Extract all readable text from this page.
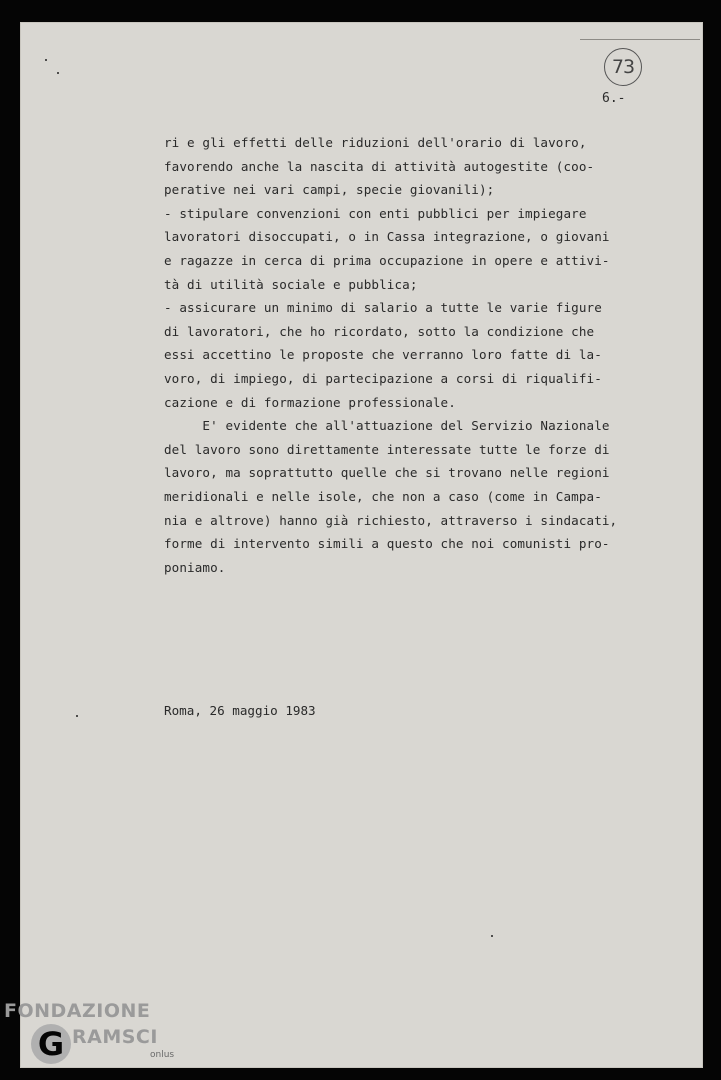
73
6.-
ri e gli effetti delle riduzioni dell'orario di lavoro,
favorendo anche la nascita di attività autogestite (coo-
perative nei vari campi, specie giovanili);
- stipulare convenzioni con enti pubblici per impiegare
lavoratori disoccupati, o in Cassa integrazione, o giovani
e ragazze in cerca di prima occupazione in opere e attivi-
tà di utilità sociale e pubblica;
- assicurare un minimo di salario a tutte le varie figure
di lavoratori, che ho ricordato, sotto la condizione che
essi accettino le proposte che verranno loro fatte di la-
voro, di impiego, di partecipazione a corsi di riqualifi-
cazione e di formazione professionale.
E' evidente che all'attuazione del Servizio Nazionale
del lavoro sono direttamente interessate tutte le forze di
lavoro, ma soprattutto quelle che si trovano nelle regioni
meridionali e nelle isole, che non a caso (come in Campa-
nia e altrove) hanno già richiesto, attraverso i sindacati,
forme di intervento simili a questo che noi comunisti pro-
poniamo.
Roma, 26 maggio 1983
FONDAZIONE
G RAMSCI
onlus
